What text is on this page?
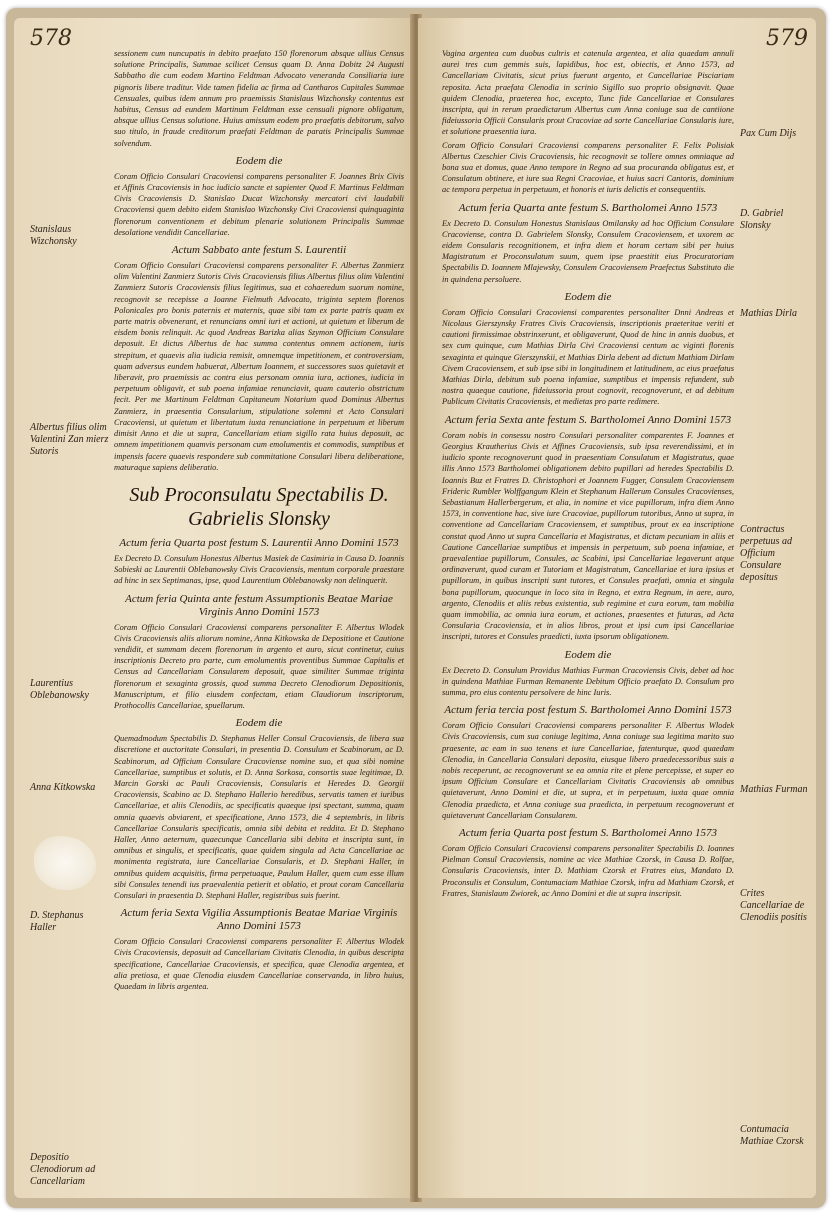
sessionem cum nuncupatis in debito praefato 150 florenorum absque ullius Census solutione Principalis, Summae scilicet Census quam D. Anna Dobitz 24 Augusti Sabbatho die cum eodem Martino Feldtman Advocato veneranda Consiliaria iure pignoris libere traditur. Vide tamen fidelia ac firma ad Cantharos Capitales Summae Censuales, quibus idem annum pro praemissis Stanislaus Wizchonsky contentus est habitus, Census ad eundem Martinum Feldtman esse censuali pignore obligatum, absque ullius Census solutione. Huius amissum eodem pro praefatis debitorum, salvo suo titulo, in fraude creditorum praefati Feldtman de paratis Principalis Summae solvendum.
Eodem die
Coram Officio Consulari Cracoviensi comparens personaliter F. Joannes Brix Civis et Affinis Cracoviensis in hoc iudicio sancte et sapienter Quod F. Martinus Feldtman Civis Cracoviensis D. Stanislao Ducat Wizchonsky mercatori civi laudabili Cracoviensi quem debito eidem Stanislao Wizchonsky Civi Cracoviensi quinquaginta florenorum conventionem et debitum plenarie solutionem Principalis Summae desolatione vendidit Cancellariae.
Actum Sabbato ante festum S. Laurentii
Coram Officio Consulari Cracoviensi comparens personaliter F. Albertus Zanmierz olim Valentini Zanmierz Sutoris Civis Cracoviensis filius Albertus filius olim Valentini Zanmierz Sutoris Cracoviensis filius legitimus, sua et cohaeredum suorum nomine, recognovit se recepisse a Ioanne Fielmuth Advocato, triginta septem florenos Polonicales pro bonis paternis et maternis, quae sibi tam ex parte patris quam ex parte matris obvenerant, et renuncians omni iuri et actioni, ut quietum et liberum de eisdem bonis relinquit. Ac quod Andreas Barizka alias Szymon Officium Consulare deposuit. Et dictus Albertus de hac summa contentus omnem actionem, iuris strepitum, et quaevis alia iudicia remisit, omnemque impetitionem, et controversiam, quam adversus eundem habuerat, Albertum Ioannem, et successores suos quietavit et liberavit, pro praemissis ac contra eius personam omnia iura, actiones, iudicia in perpetuum obligavit, et sub poena infamiae renunciavit, quam cauterio obstrictum fecit. Per me Martinum Feldtman Capitaneum Notarium quod Dominus Albertus Zanmierz, in praesentia Consularium, stipulatione solemni et Acto Consulari Cracoviensi, ut quietum et libertatum iuxta renunciatione in perpetuum et liberum dimisit Anno et die ut supra, Cancellariam etiam sigillo rata huius deposuit, ac omnem impetitionem quamvis personam cum emolumentis et commodis, sumptibus et impensis facere quaevis respondere sub commitatione Consulari libera deliberatione, maturaque sapiens deliberatio.
Sub Proconsulatu Spectabilis D. Gabrielis Slonsky
Actum feria Quarta post festum S. Laurentii Anno Domini 1573
Ex Decreto D. Consulum Honestus Albertus Masiek de Casimiria in Causa D. Ioannis Sobieski ac Laurentii Oblebanowsky Civis Cracoviensis, mentum corporale praestare ad hinc in sex Septimanas, ipse, quod Laurentium Oblebanowsky non delinquerit.
Actum feria Quinta ante festum Assumptionis Beatae Mariae Virginis Anno Domini 1573
Coram Officio Consulari Cracoviensi comparens personaliter F. Albertus Wlodek Civis Cracoviensis aliis aliorum nomine, Anna Kitkowska de Depositione et Cautione vendidit, et summam decem florenorum in argento et auro, sicut continetur, cuius inscriptionis Decreto pro parte, cum emolumentis proventibus Summae Capitalis et Census ad Cancellariam Consularem deposuit, quae similiter Summae triginta florenorum et sexaginta grossis, quod summa Decreto Clenodiorum Depositionis, Manuscriptum, et filio eiusdem confectam, etiam Claudiorum inscriptorum, Prothocollis Cancellariae, spuellarum.
Eodem die
Quemadmodum Spectabilis D. Stephanus Heller Consul Cracoviensis, de libera sua discretione et auctoritate Consulari, in presentia D. Consulum et Scabinorum, ac D. Scabinorum, ad Officium Consulare Cracoviense nomine suo, et qua sibi nomine Cancellariae, sumptibus et solutis, et D. Anna Sorkosa, consortis suae legitimae, D. Marcin Gorski ac Pauli Cracoviensis, Consularis et Heredes D. Georgii Cracoviensis, Scabino ac D. Stephano Hallerio heredibus, servatis tamen et iuribus Cancellariae, et aliis Clenodiis, ac specificatis quaeque ipsi spectant, summa, quam omnia quaevis obviarent, et specificatione, Anno 1573, die 4 septembris, in libris Cancellariae Consularis specificatis, omnia sibi debita et reddita. Et D. Stephano Haller, Anno aeternum, quaecunque Cancellaria sibi debita et inscripta sunt, in omnibus et singulis, et specificatis, quae quidem singula ad Acta Cancellariae ac monimenta registrata, iure Cancellariae Consularis, et D. Stephani Haller, in omnibus quidem acquisitis, firma perpetuaque, Paulum Haller, quem cum esse illum sibi Consules tenendi ius praevalentia petierit et oblatio, et prout coram Cancellaria Consulari in praesentia D. Stephani Haller, registribus suis fuerint.
Actum feria Sexta Vigilia Assumptionis Beatae Mariae Virginis Anno Domini 1573
Coram Officio Consulari Cracoviensi comparens personaliter F. Albertus Wlodek Civis Cracoviensis, deposuit ad Cancellariam Civitatis Clenodia, in quibus descripta specificatione, Cancellariae Cracoviensis, et specifica, quae Clenodia argentea, et alia pretiosa, et quae Clenodia eiusdem Cancellariae conservanda, in libro huius, Quaedam in libris argentea.
Stanislaus Wizchonsky
Albertus filius olim Valentini Zan mierz Sutoris
Laurentius Oblebanowsky
Anna Kitkowska
D. Stephanus Haller
Depositio Clenodiorum ad Cancellariam
Vagina argentea cum duobus cultris et catenula argentea, et alia quaedam annuli aurei tres cum gemmis suis, lapidibus, hoc est, obiectis, et Anno 1573, ad Cancellariam Civitatis, sicut prius fuerunt argento, et Cancellariae Pisciariam reposita. Acta praefata Clenodia in scrinio Sigillo suo proprio obsignavit. Quae quidem Clenodia, praeterea hoc, excepto, Tunc fide Cancellariae et Consulares inscripta, qui in rerum praedictarum Albertus cum Anna coniuge sua de cantiione fideiussoria Officii Consularis prout Cracoviae ad sorte Cancellariae Consularis iure, et solutione praesentia iura.
Coram Officio Consulari Cracoviensi comparens personaliter F. Felix Polisiak Albertus Czeschier Civis Cracoviensis, hic recognovit se tollere omnes omniaque ad bona sua et domus, quae Anno tempore in Regno ad sua procuranda obligatus est, et Consulatum obtinere, et iure sua Regni Cracoviae, et huius sacri Cantoris, dominium ac tempora perpetua in perpetuum, et honoris et iuris delictis et consequentiis.
Actum feria Quarta ante festum S. Bartholomei Anno 1573
Ex Decreto D. Consulum Honestus Stanislaus Omilansky ad hoc Officium Consulare Cracoviense, contra D. Gabrielem Slonsky, Consulem Cracoviensem, et uxorem ac eidem Consularis recognitionem, et infra diem et horam certam sibi per huius Magistratum et Proconsulatum suum, quem ipse praestitit eius Procuratoriam Spectabilis D. Ioannem Mlajewsky, Consulem Cracoviensem Praefectus Substituto die in quindena persoluere.
Eodem die
Coram Officio Consulari Cracoviensi comparentes personaliter Dnni Andreas et Nicolaus Gierszynsky Fratres Civis Cracoviensis, inscriptionis praeteritae veriti et cautioni firmissimae obstrinxerunt, et obligaverunt, Quod de hinc in annis duobus, et sex cum quinque, cum Mathias Dirla Civi Cracoviensi centum ac viginti florenis sexaginta et quinque Gierszynskii, et Mathias Dirla debent ad dictum Mathiam Dirlam Civem Cracoviensem, et sub ipse sibi in longitudinem et latitudinem, ac eius praefatus Mathias Dirla, debitum sub poena infamiae, sumptibus et impensis refundent, sub nostra quaeque cautione, fideiussoria prout cognovit, recognoverunt, et ad debitum Publicum Civitatis Cracoviensis, et medietas pro parte redimere.
Actum feria Sexta ante festum S. Bartholomei Anno Domini 1573
Coram nobis in consessu nostro Consulari personaliter comparentes F. Joannes et Georgius Krautherius Civis et Affines Cracoviensis, sub ipsa reverendissimi, et in iudicio sponte recognoverunt quod in praesentiam Consulatum et Magistratus, quae illis Anno 1573 Bartholomei obligationem debito pupillari ad heredes Spectabilis D. Ioannis Buz et Fratres D. Christophori et Joannem Fugger, Consulem Cracoviensem Frideric Rumbler Wolffgangum Klein et Stephanum Hallerum Consules Cracovienses, Sebastianum Hallerbergerum, et alia, in nomine et vice pupillorum, infra diem Anno 1573, in conventione hac, sive iure Cracoviae, pupillorum tutoribus, Anno ut supra, in conventione ad Cancellariam Cracoviensem, et sumptibus, prout ex ea inscriptione constat quod Anno ut supra Cancellaria et Magistratus, et dictam pecuniam in aliis et Cautione Cancellariae sumptibus et impensis in perpetuum, sub poena infamiae, et praevalentiae pupillorum, Consules, ac Scabini, ipsi Cancellariae legaverunt atque ordinaverunt, quod curam et Tutoriam et Magistratum, Cancellariae et iura ipsius et pupillorum, in quibus inscripti sunt tutores, et Consules praefati, omnia et singula bona pupillorum, quocunque in loco sita in Regno, et extra Regnum, in aere, auro, argento, Clenodiis et aliis rebus existentia, sub regimine et cura eorum, tam mobilia quam immobilia, ac omnia iura eorum, et actiones, praesentes et futuras, ad Acta Consularia Cracoviensia, et in alios libros, prout et ipsi cum ipsi Cancellariae inscripti, tutores et Consules praedicti, iuxta ipsorum obligationem.
Eodem die
Ex Decreto D. Consulum Providus Mathias Furman Cracoviensis Civis, debet ad hoc in quindena Mathiae Furman Remanente Debitum Officio praefato D. Consulum pro summa, pro eius contentu persolvere de hinc Iuris.
Actum feria tercia post festum S. Bartholomei Anno Domini 1573
Coram Officio Consulari Cracoviensi comparens personaliter F. Albertus Wlodek Civis Cracoviensis, cum sua coniuge legitima, Anna coniuge sua legitima marito suo praesente, ac eam in suo tenens et iure Cancellariae, fatenturque, quod quaedam Clenodia, in Cancellaria Consulari deposita, eiusque libero praedecessoribus suis a nobis receperunt, ac recognoverunt se ea omnia rite et plene percepisse, et super eo ipsum Officium Consulare et Cancellariam Civitatis Cracoviensis ab omnibus quietaverunt, Anno Domini et die, ut supra, et in perpetuum, iuxta quae omnia Clenodia praedicta, et Anna coniuge sua praedicta, in perpetuum recognoverunt et quietaverunt Cancellariam Consularem.
Actum feria Quarta post festum S. Bartholomei Anno 1573
Coram Officio Consulari Cracoviensi comparens personaliter Spectabilis D. Ioannes Pielman Consul Cracoviensis, nomine ac vice Mathiae Czorsk, in Causa D. Rolfae, Consularis Cracoviensis, inter D. Mathiam Czorsk et Fratres eius, Mandato D. Proconsulis et Consulum, Contumaciam Mathiae Czorsk, infra ad Mathiam Czorsk, et Fratres, Stanislaum Zwiorek, ac Anno Domini et die ut supra inscripsit.
Pax Cum Dijs
D. Gabriel Slonsky
Mathias Dirla
Contractus perpetuus ad Officium Consulare depositus
Mathias Furman
Crites Cancellariae de Clenodiis positis
Contumacia Mathiae Czorsk
578	579
